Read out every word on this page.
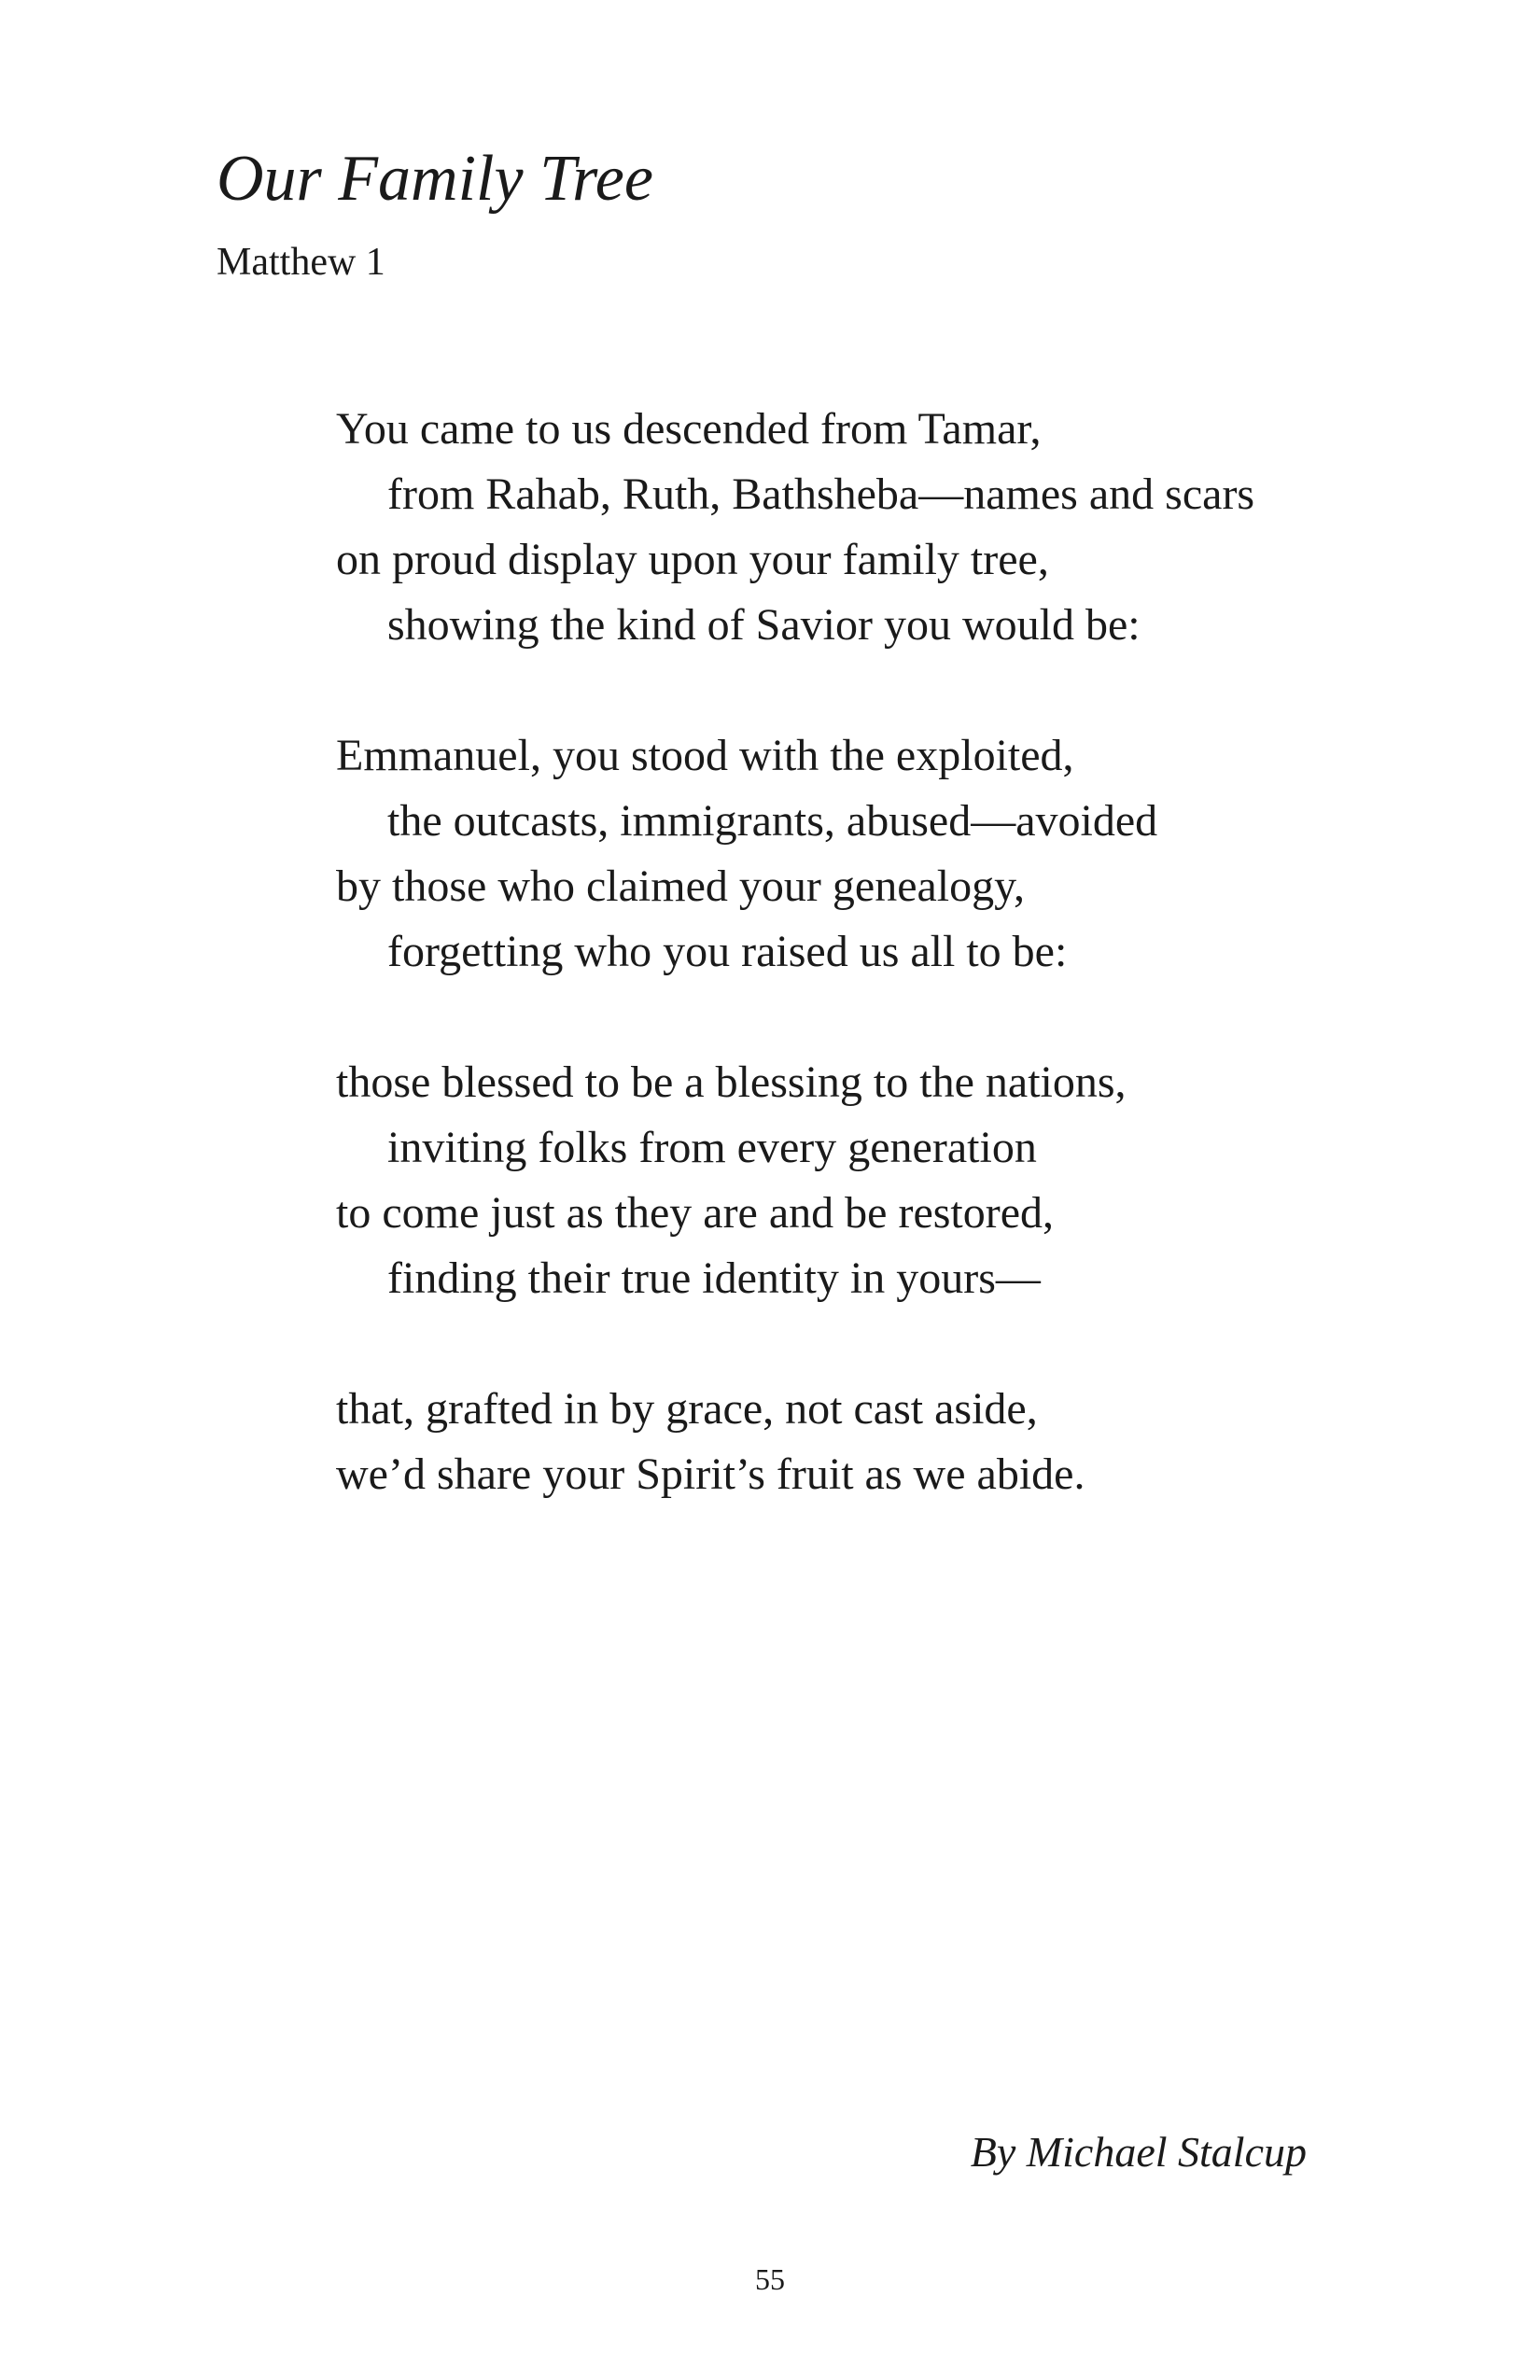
Our Family Tree
Matthew 1
You came to us descended from Tamar,
from Rahab, Ruth, Bathsheba—names and scars
on proud display upon your family tree,
showing the kind of Savior you would be:
Emmanuel, you stood with the exploited,
the outcasts, immigrants, abused—avoided
by those who claimed your genealogy,
forgetting who you raised us all to be:
those blessed to be a blessing to the nations,
inviting folks from every generation
to come just as they are and be restored,
finding their true identity in yours—
that, grafted in by grace, not cast aside,
we’d share your Spirit’s fruit as we abide.
By Michael Stalcup
55
